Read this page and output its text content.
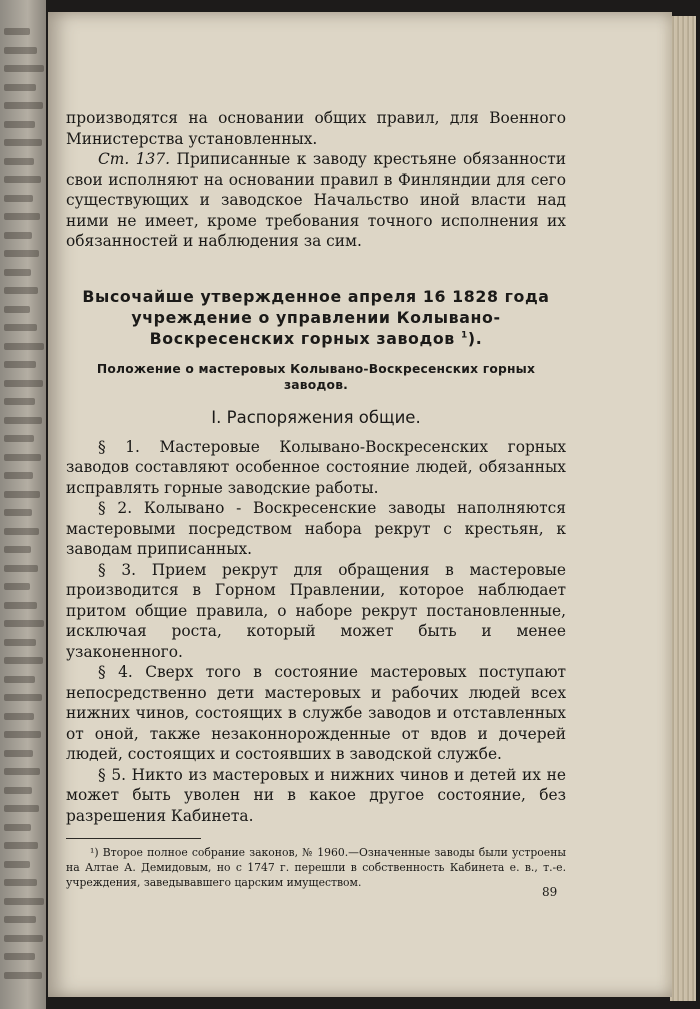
производятся на основании общих правил, для Военного Министерства установленных.

Ст. 137. Приписанные к заводу крестьяне обязанности свои исполняют на основании правил в Финляндии для сего существующих и заводское Начальство иной власти над ними не имеет, кроме требования точного исполнения их обязанностей и наблюдения за сим.

Высочайше утвержденное апреля 16 1828 года учреждение о управлении Колывано-Воскресенских горных заводов $^1$).
Положение о мастеровых Колывано-Воскресенских горных заводов.
I. Распоряжения общие.

§ 1. Мастеровые Колывано-Воскресенских горных заводов составляют особенное состояние людей, обязанных исправлять горные заводские работы.

§ 2. Колывано - Воскресенские заводы наполняются мастеровыми посредством набора рекрут с крестьян, к заводам приписанных.

§ 3. Прием рекрут для обращения в мастеровые производится в Горном Правлении, которое наблюдает притом общие правила, о наборе рекрут постановленные, исключая роста, который может быть и менее узаконенного.

§ 4. Сверх того в состояние мастеровых поступают непосредственно дети мастеровых и рабочих людей всех нижних чинов, состоящих в службе заводов и отставленных от оной, также незаконнорожденные от вдов и дочерей людей, состоящих и состоявших в заводской службе.

§ 5. Никто из мастеровых и нижних чинов и детей их не может быть уволен ни в какое другое состояние, без разрешения Кабинета.

¹) Второе полное собрание законов, № 1960.—Означенные заводы были устроены на Алтае А. Демидовым, но с 1747 г. перешли в собственность Кабинета е. в., т.-е. учреждения, заведывавшего царским имуществом.

89
